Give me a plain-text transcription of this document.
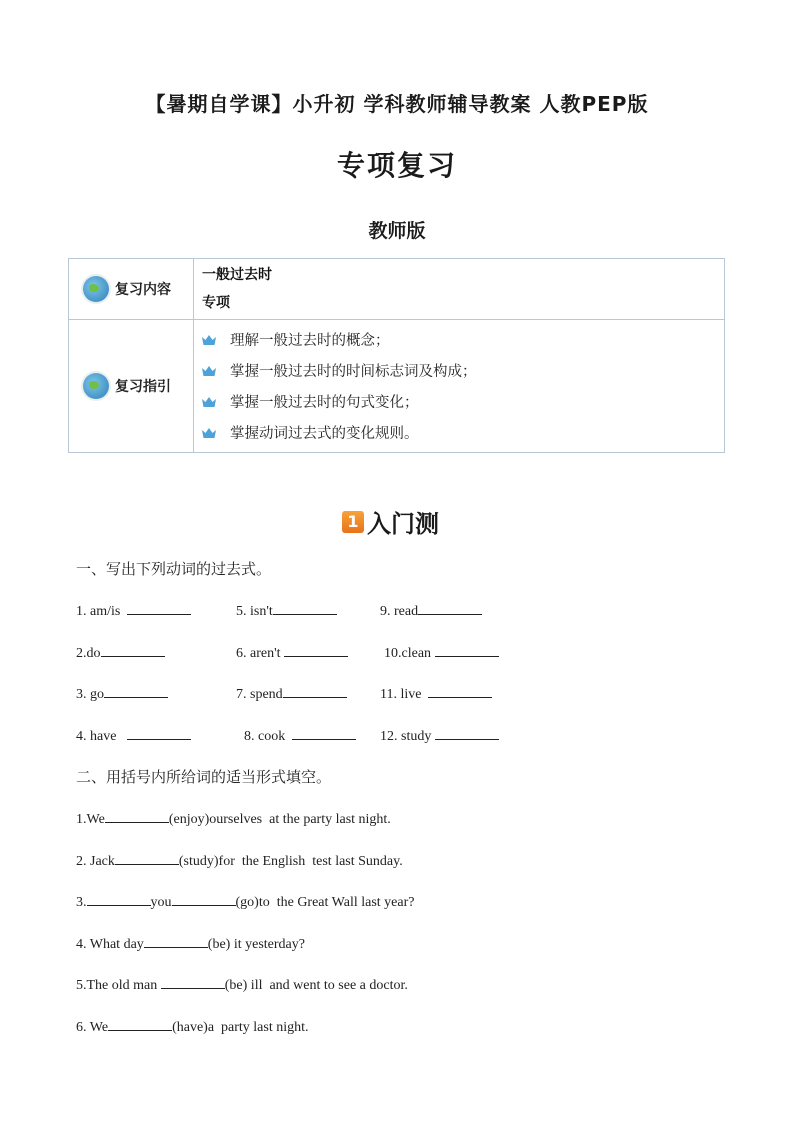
【暑期自学课】小升初 学科教师辅导教案 人教PEP版
专项复习
教师版
复习内容	一般过去时
专项

复习指引	理解一般过去时的概念；
掌握一般过去时的时间标志词及构成；
掌握一般过去时的句式变化；
掌握动词过去式的变化规则。
1 入门测
一、写出下列动词的过去式。
1. am/is	5. isn't	9. read
2.do	6. aren't	10.clean
3. go	7. spend	11. live
4. have	8. cook	12. study
二、用括号内所给词的适当形式填空。
1.We	(enjoy)ourselves  at the party last night.
2. Jack	(study)for  the English  test last Sunday.
3.	you	(go)to  the Great Wall last year?
4. What day	(be) it yesterday?
5.The old man	(be) ill  and went to see a doctor.
6. We	(have)a  party last night.
